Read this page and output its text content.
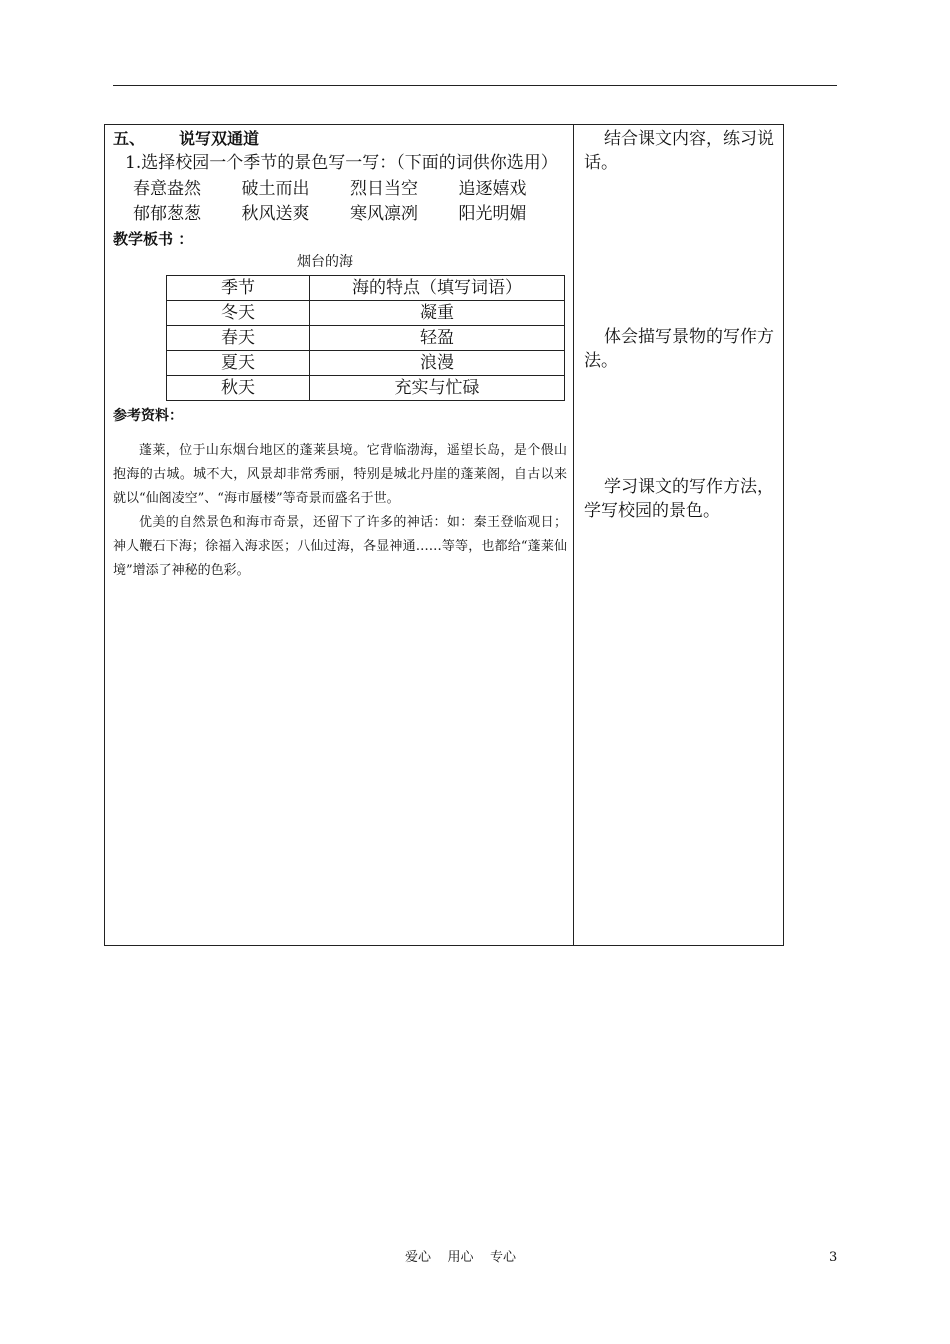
五、 说写双通道
1.选择校园一个季节的景色写一写：（下面的词供你选用）
春意盎然	破土而出	烈日当空	追逐嬉戏
郁郁葱葱	秋风送爽	寒风凛冽	阳光明媚
教学板书 ：
烟台的海
季节	海的特点（填写词语）
冬天	凝重
春天	轻盈
夏天	浪漫
秋天	充实与忙碌
参考资料：

蓬莱，位于山东烟台地区的蓬莱县境。它背临渤海，遥望长岛，是个偎山抱海的古城。城不大，风景却非常秀丽，特别是城北丹崖的蓬莱阁，自古以来就以“仙阁凌空”、“海市蜃楼”等奇景而盛名于世。

优美的自然景色和海市奇景，还留下了许多的神话：如：秦王登临观日；神人鞭石下海；徐福入海求医；八仙过海，各显神通……等等，也都给“蓬莱仙境”增添了神秘的色彩。

结合课文内容，练习说话。
体会描写景物的写作方法。
学习课文的写作方法，学写校园的景色。
爱心    用心    专心	3
